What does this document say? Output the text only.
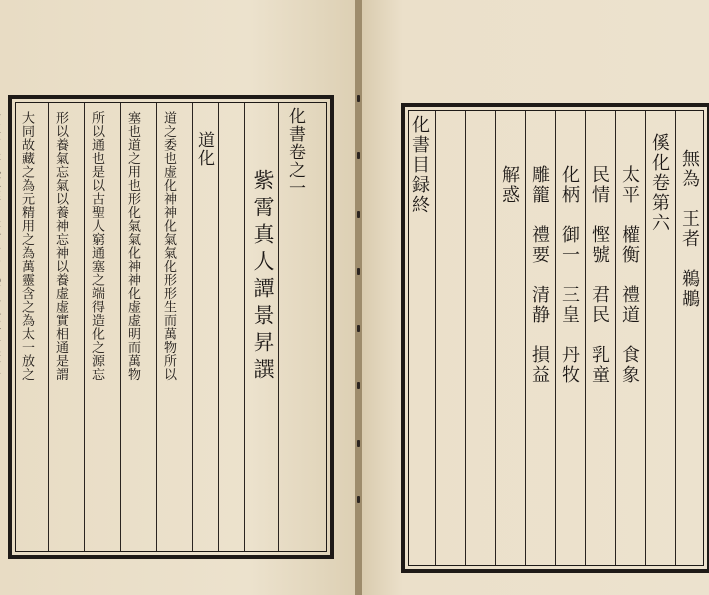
化書卷之一
紫霄真人譚景昇譔
道化
道之委也虚化神神化氣氣化形形生而萬物所以
塞也道之用也形化氣氣化神神化虚虚明而萬物
所以通也是以古聖人窮通塞之端得造化之源忘
形以養氣忘氣以養神忘神以養虚虚實相通是謂
大同故藏之為元精用之為萬靈含之為太一放之	無為　王者　鵜鶘
傒化卷第六
太平　權衡　禮道　食象
民情　慳號　君民　乳童
化柄　御一　三皇　丹牧
雕籠　禮要　清静　損益
解惑
化書目録終
